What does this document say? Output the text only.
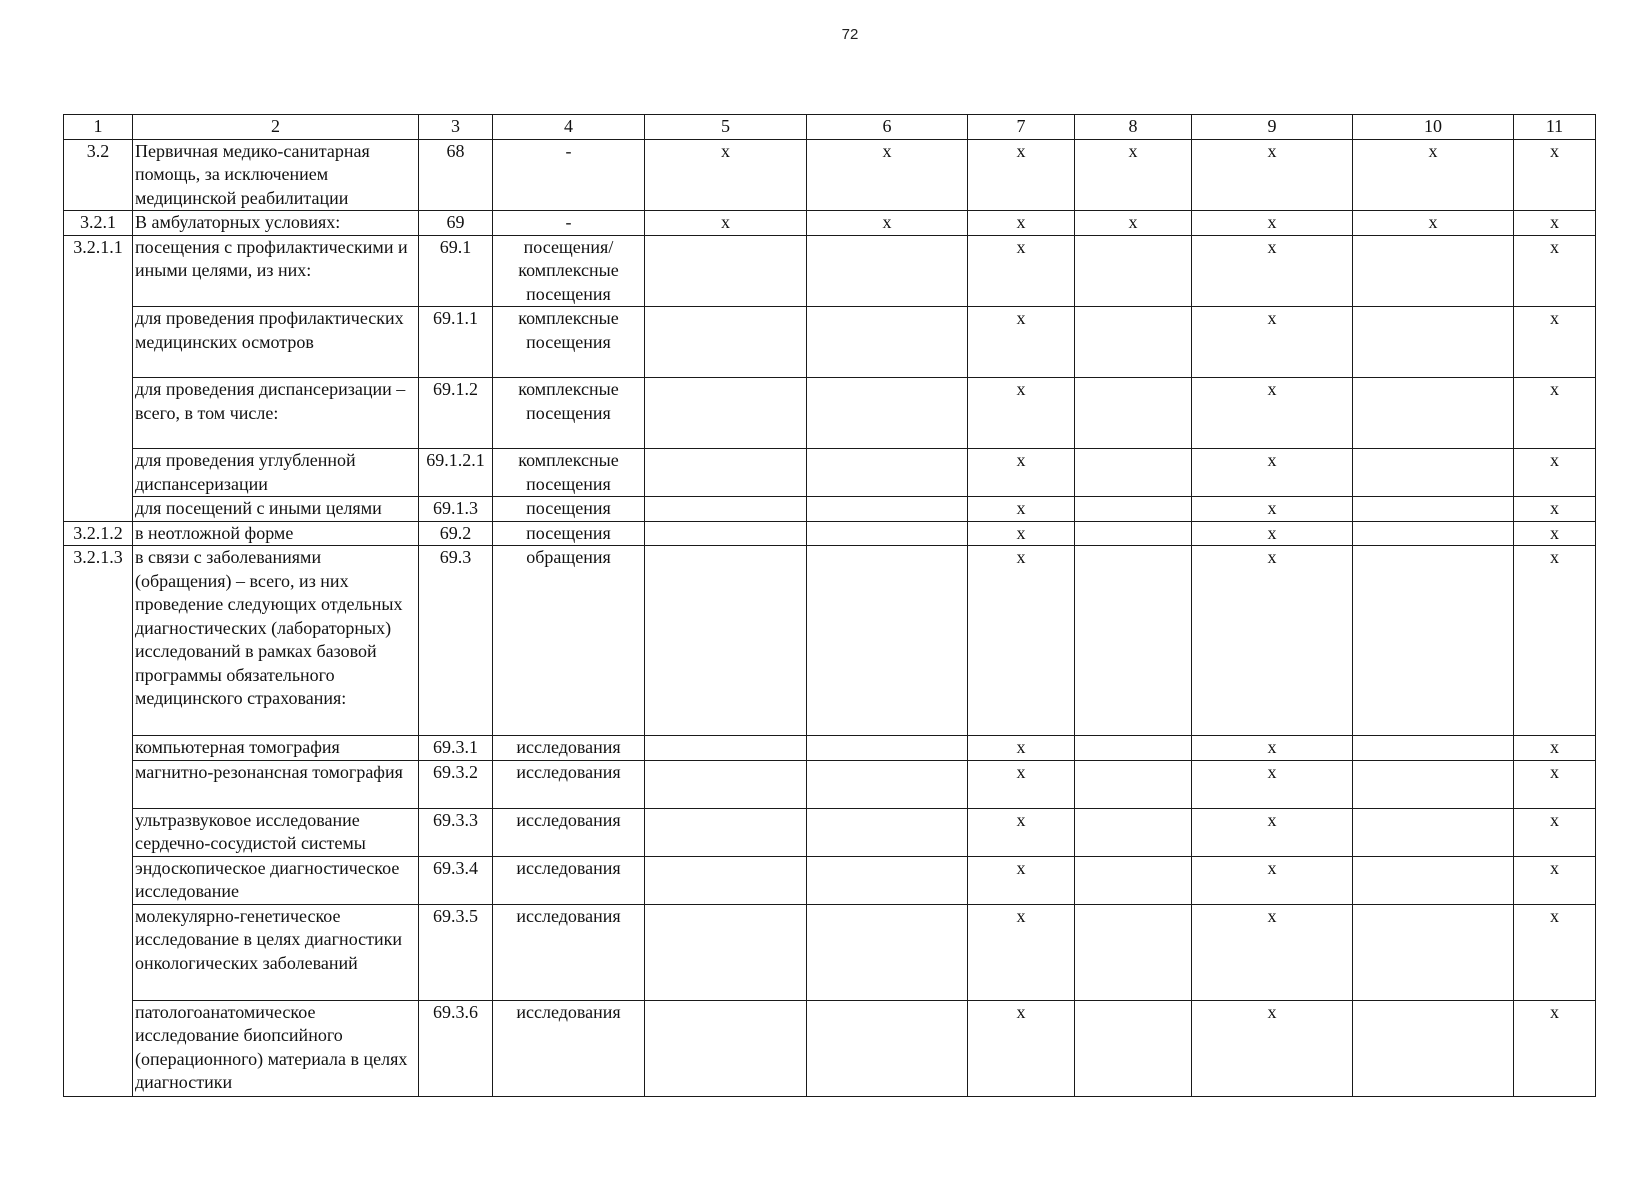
72
1	2	3	4	5	6	7	8	9	10	11
3.2	Первичная медико-санитарная помощь, за исключением медицинской реабилитации	68	-	x	x	x	x	x	x	x
3.2.1	В амбулаторных условиях:	69	-	x	x	x	x	x	x	x
3.2.1.1	посещения с профилактическими и иными целями, из них:	69.1	посещения/ комплексные посещения			x		x		x
	для проведения профилактических медицинских осмотров	69.1.1	комплексные посещения			x		x		x
	для проведения диспансеризации – всего, в том числе:	69.1.2	комплексные посещения			x		x		x
	для проведения углубленной диспансеризации	69.1.2.1	комплексные посещения			x		x		x
	для посещений с иными целями	69.1.3	посещения			x		x		x
3.2.1.2	в неотложной форме	69.2	посещения			x		x		x
3.2.1.3	в связи с заболеваниями (обращения) – всего, из них проведение следующих отдельных диагностических (лабораторных) исследований в рамках базовой программы обязательного медицинского страхования:	69.3	обращения			x		x		x
	компьютерная томография	69.3.1	исследования			x		x		x
	магнитно-резонансная томография	69.3.2	исследования			x		x		x
	ультразвуковое исследование сердечно-сосудистой системы	69.3.3	исследования			x		x		x
	эндоскопическое диагностическое исследование	69.3.4	исследования			x		x		x
	молекулярно-генетическое исследование в целях диагностики онкологических заболеваний	69.3.5	исследования			x		x		x
	патологоанатомическое исследование биопсийного (операционного) материала в целях диагностики	69.3.6	исследования			x		x		x
